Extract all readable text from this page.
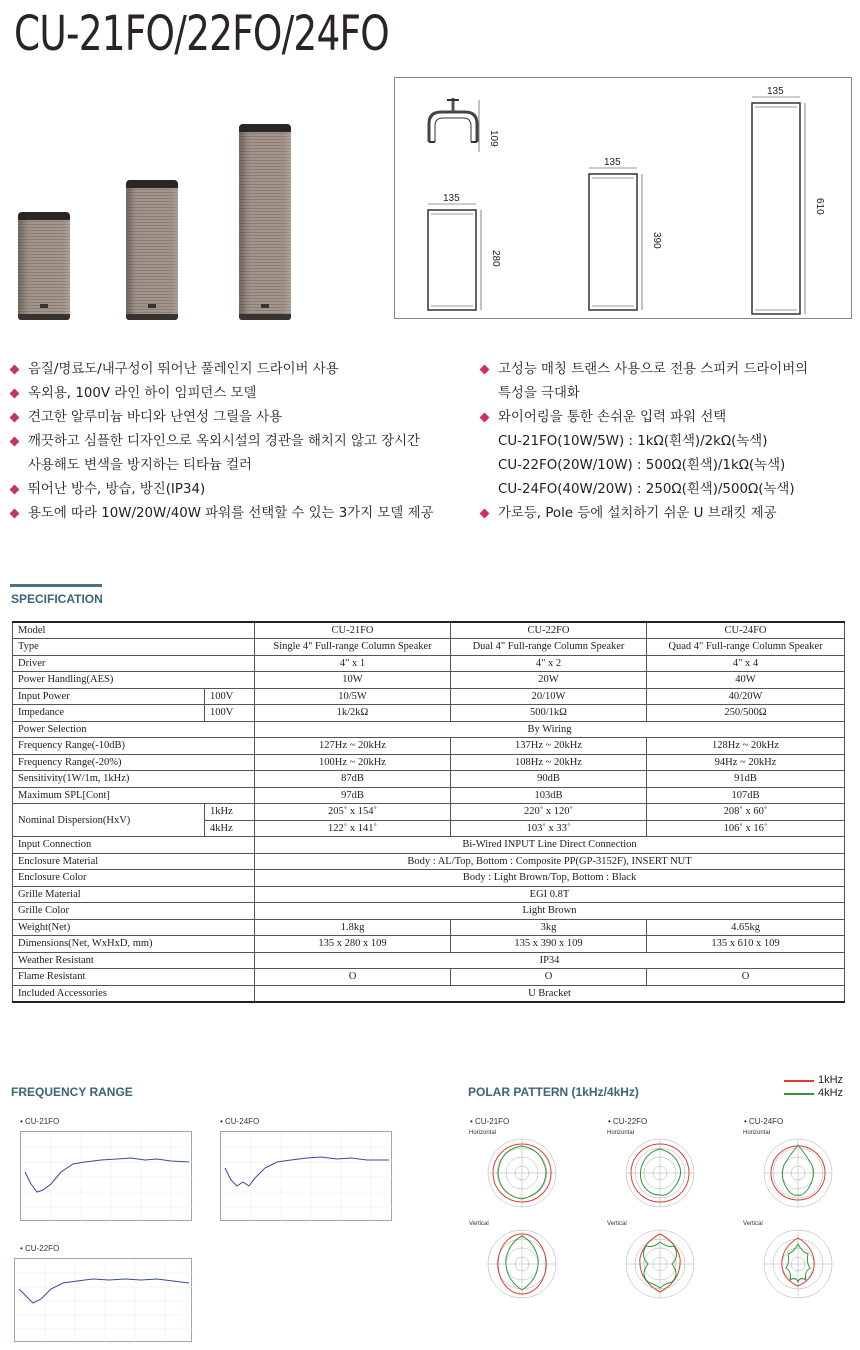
CU-21FO/22FO/24FO
109
135
280
135
390
135
610
음질/명료도/내구성이 뛰어난 풀레인지 드라이버 사용
옥외용, 100V 라인 하이 임피던스 모델
견고한 알루미늄 바디와 난연성 그릴을 사용
깨끗하고 심플한 디자인으로 옥외시설의 경관을 해치지 않고 장시간
사용해도 변색을 방지하는 티타늄 컬러
뛰어난 방수, 방습, 방진(IP34)
용도에 따라 10W/20W/40W 파워를 선택할 수 있는 3가지 모델 제공
고성능 매칭 트랜스 사용으로 전용 스피커 드라이버의
특성을 극대화
와이어링을 통한 손쉬운 입력 파워 선택
CU-21FO(10W/5W) : 1kΩ(흰색)/2kΩ(녹색)
CU-22FO(20W/10W) : 500Ω(흰색)/1kΩ(녹색)
CU-24FO(40W/20W) : 250Ω(흰색)/500Ω(녹색)
가로등, Pole 등에 설치하기 쉬운 U 브래킷 제공
SPECIFICATION
Model		CU-21FO	CU-22FO	CU-24FO
Type		Single 4" Full-range Column Speaker	Dual 4" Full-range Column Speaker	Quad 4" Full-range Column Speaker
Driver		4" x 1	4" x 2	4" x 4
Power Handling(AES)		10W	20W	40W
Input Power	100V	10/5W	20/10W	40/20W
Impedance	100V	1k/2kΩ	500/1kΩ	250/500Ω
Power Selection		By Wiring		
Frequency Range(-10dB)		127Hz ~ 20kHz	137Hz ~ 20kHz	128Hz ~ 20kHz
Frequency Range(-20%)		100Hz ~ 20kHz	108Hz ~ 20kHz	94Hz ~ 20kHz
Sensitivity(1W/1m, 1kHz)		87dB	90dB	91dB
Maximum SPL[Cont]		97dB	103dB	107dB
Nominal Dispersion(HxV)	1kHz	205˚ x 154˚	220˚ x 120˚	208˚ x 60˚
	4kHz	122˚ x 141˚	103˚ x 33˚	106˚ x 16˚
Input Connection		Bi-Wired INPUT Line Direct Connection		
Enclosure Material		Body : AL/Top, Bottom : Composite PP(GP-3152F), INSERT NUT		
Enclosure Color		Body : Light Brown/Top, Bottom : Black		
Grille Material		EGI 0.8T		
Grille Color		Light Brown		
Weight(Net)		1.8kg	3kg	4.65kg
Dimensions(Net, WxHxD, mm)		135 x 280 x 109	135 x 390 x 109	135 x 610 x 109
Weather Resistant		IP34		
Flame Resistant		O	O	O
Included Accessories		U Bracket		
FREQUENCY RANGE
• CU-21FO	• CU-24FO
• CU-22FO
POLAR PATTERN (1kHz/4kHz)
1kHz
4kHz
• CU-21FO	• CU-22FO	• CU-24FO
Horizontal	Horizontal	Horizontal
Vertical	Vertical	Vertical
